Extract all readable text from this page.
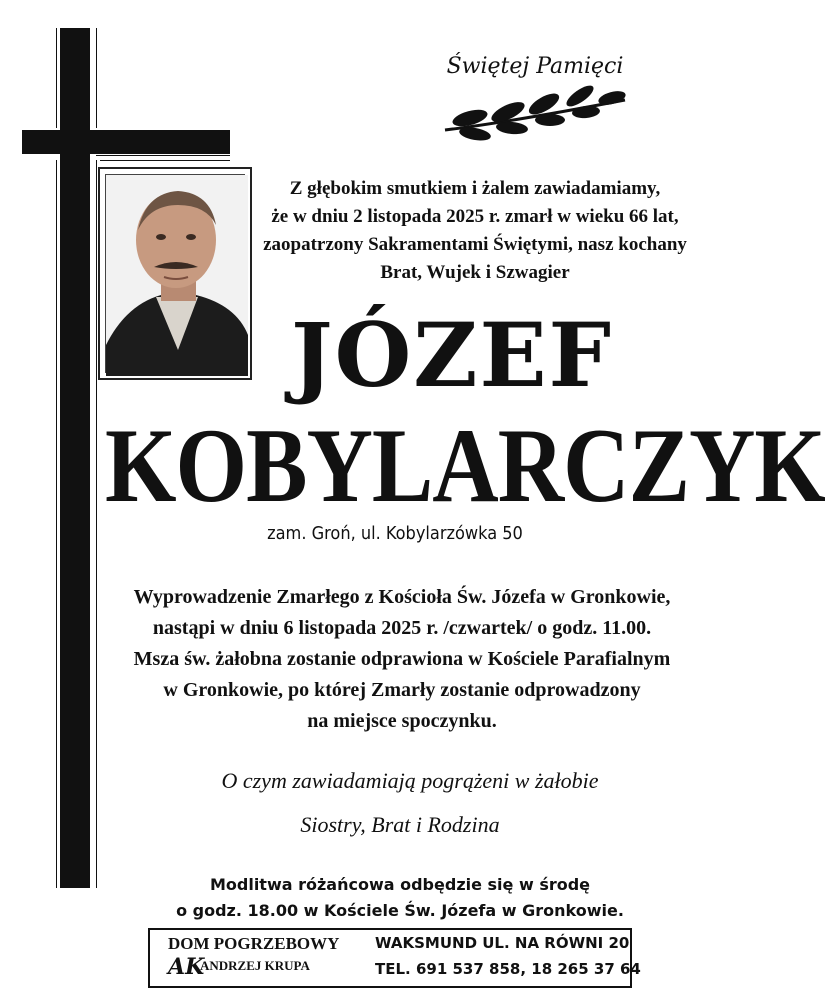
Świętej Pamięci
Z głębokim smutkiem i żalem zawiadamiamy,
że w dniu 2 listopada 2025 r. zmarł w wieku 66 lat,
zaopatrzony Sakramentami Świętymi, nasz kochany
Brat, Wujek i Szwagier
JÓZEF
KOBYLARCZYK
zam. Groń, ul. Kobylarzówka 50
Wyprowadzenie Zmarłego z Kościoła Św. Józefa w Gronkowie,
nastąpi w dniu 6 listopada 2025 r. /czwartek/ o godz. 11.00.
Msza św. żałobna zostanie odprawiona w Kościele Parafialnym
w Gronkowie, po której Zmarły zostanie odprowadzony
na miejsce spoczynku.
O czym zawiadamiają pogrążeni w żałobie
Siostry, Brat i Rodzina
Modlitwa różańcowa odbędzie się w środę
o godz. 18.00 w Kościele Św. Józefa w Gronkowie.
DOM POGRZEBOWY
AK
ANDRZEJ KRUPA
WAKSMUND UL. NA RÓWNI 20
TEL. 691 537 858, 18 265 37 64
